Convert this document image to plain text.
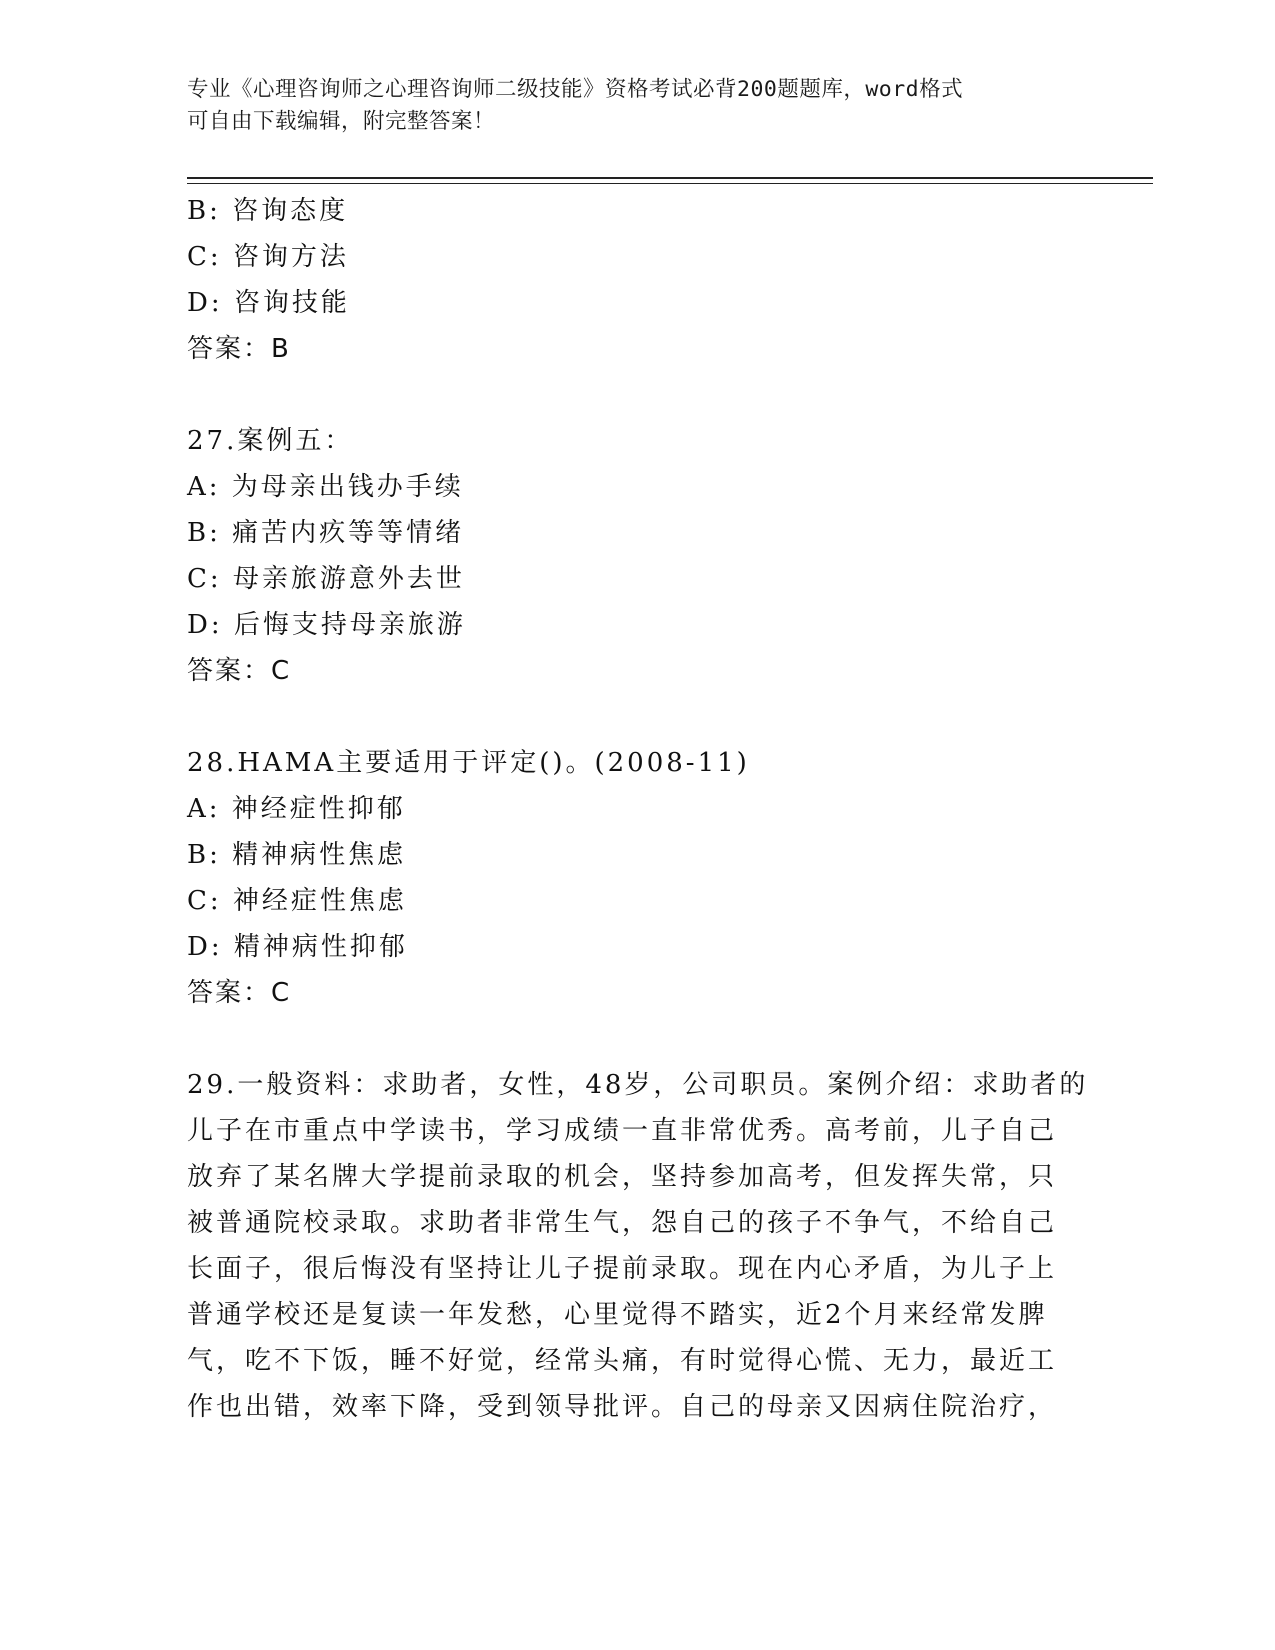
专业《心理咨询师之心理咨询师二级技能》资格考试必背200题题库，word格式
可自由下载编辑，附完整答案！
B: 咨询态度
C: 咨询方法
D: 咨询技能
答案：B
27.案例五：
A: 为母亲出钱办手续
B: 痛苦内疚等等情绪
C: 母亲旅游意外去世
D: 后悔支持母亲旅游
答案：C
28.HAMA主要适用于评定()。(2008-11)
A: 神经症性抑郁
B: 精神病性焦虑
C: 神经症性焦虑
D: 精神病性抑郁
答案：C

29.一般资料：求助者，女性，48岁，公司职员。案例介绍：求助者的

儿子在市重点中学读书，学习成绩一直非常优秀。高考前，儿子自己

放弃了某名牌大学提前录取的机会，坚持参加高考，但发挥失常，只

被普通院校录取。求助者非常生气，怨自己的孩子不争气，不给自己

长面子，很后悔没有坚持让儿子提前录取。现在内心矛盾，为儿子上

普通学校还是复读一年发愁，心里觉得不踏实，近2个月来经常发脾

气，吃不下饭，睡不好觉，经常头痛，有时觉得心慌、无力，最近工

作也出错，效率下降，受到领导批评。自己的母亲又因病住院治疗，
